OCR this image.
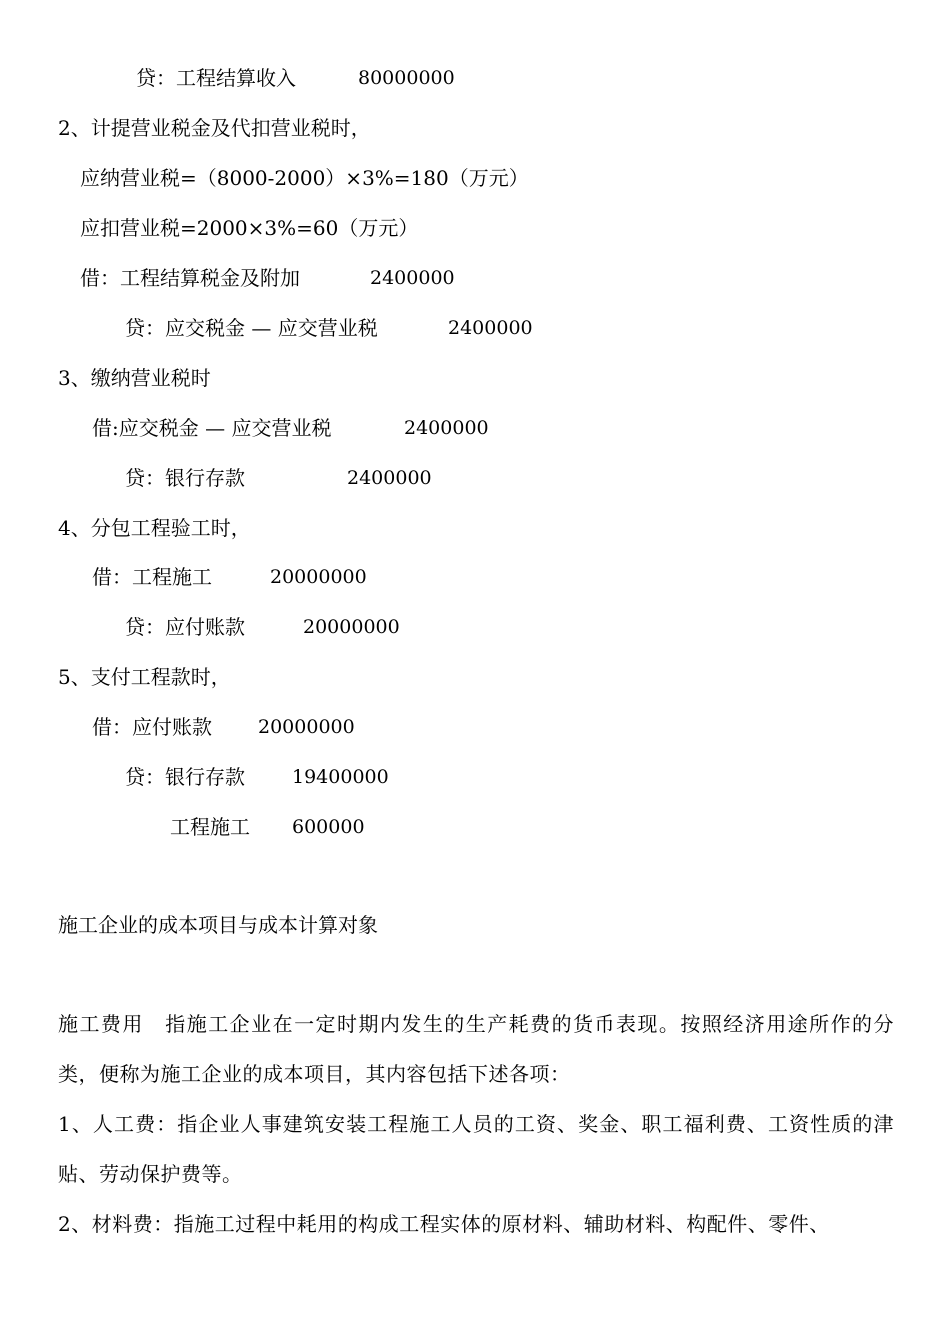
贷：工程结算收入	80000000
2、计提营业税金及代扣营业税时，
应纳营业税=（8000-2000）×3%=180（万元）
应扣营业税=2000×3%=60（万元）
借：工程结算税金及附加	2400000
贷：应交税金 — 应交营业税	2400000
3、缴纳营业税时
借:应交税金 — 应交营业税	2400000
贷：银行存款	2400000
4、分包工程验工时，
借：工程施工	20000000
贷：应付账款	20000000
5、支付工程款时，
借：应付账款 20000000
贷：银行存款 19400000
工程施工 600000
施工企业的成本项目与成本计算对象
施工费用　指施工企业在一定时期内发生的生产耗费的货币表现。按照经济用途所作的分类，便称为施工企业的成本项目，其内容包括下述各项：
1、人工费：指企业人事建筑安装工程施工人员的工资、奖金、职工福利费、工资性质的津贴、劳动保护费等。
2、材料费：指施工过程中耗用的构成工程实体的原材料、辅助材料、构配件、零件、
